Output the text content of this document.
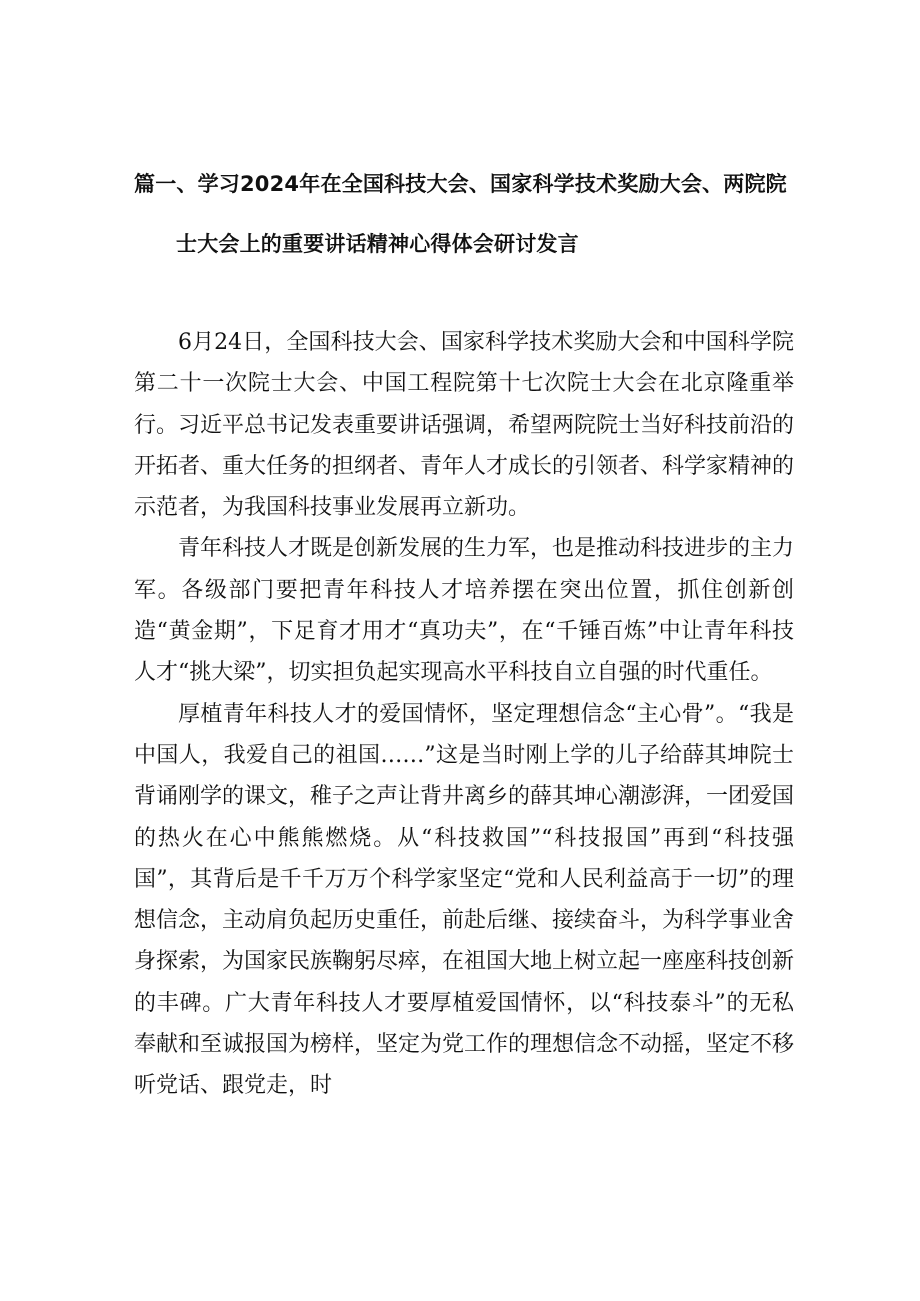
篇一、学习2024年在全国科技大会、国家科学技术奖励大会、两院院
士大会上的重要讲话精神心得体会研讨发言

6月24日，全国科技大会、国家科学技术奖励大会和中国科学院第二十一次院士大会、中国工程院第十七次院士大会在北京隆重举行。习近平总书记发表重要讲话强调，希望两院院士当好科技前沿的开拓者、重大任务的担纲者、青年人才成长的引领者、科学家精神的示范者，为我国科技事业发展再立新功。

青年科技人才既是创新发展的生力军，也是推动科技进步的主力军。各级部门要把青年科技人才培养摆在突出位置，抓住创新创造“黄金期”，下足育才用才“真功夫”，在“千锤百炼”中让青年科技人才“挑大梁”，切实担负起实现高水平科技自立自强的时代重任。

厚植青年科技人才的爱国情怀，坚定理想信念“主心骨”。“我是中国人，我爱自己的祖国……”这是当时刚上学的儿子给薛其坤院士背诵刚学的课文，稚子之声让背井离乡的薛其坤心潮澎湃，一团爱国的热火在心中熊熊燃烧。从“科技救国”“科技报国”再到“科技强国”，其背后是千千万万个科学家坚定“党和人民利益高于一切”的理想信念，主动肩负起历史重任，前赴后继、接续奋斗，为科学事业舍身探索，为国家民族鞠躬尽瘁，在祖国大地上树立起一座座科技创新的丰碑。广大青年科技人才要厚植爱国情怀，以“科技泰斗”的无私奉献和至诚报国为榜样，坚定为党工作的理想信念不动摇，坚定不移听党话、跟党走，时
